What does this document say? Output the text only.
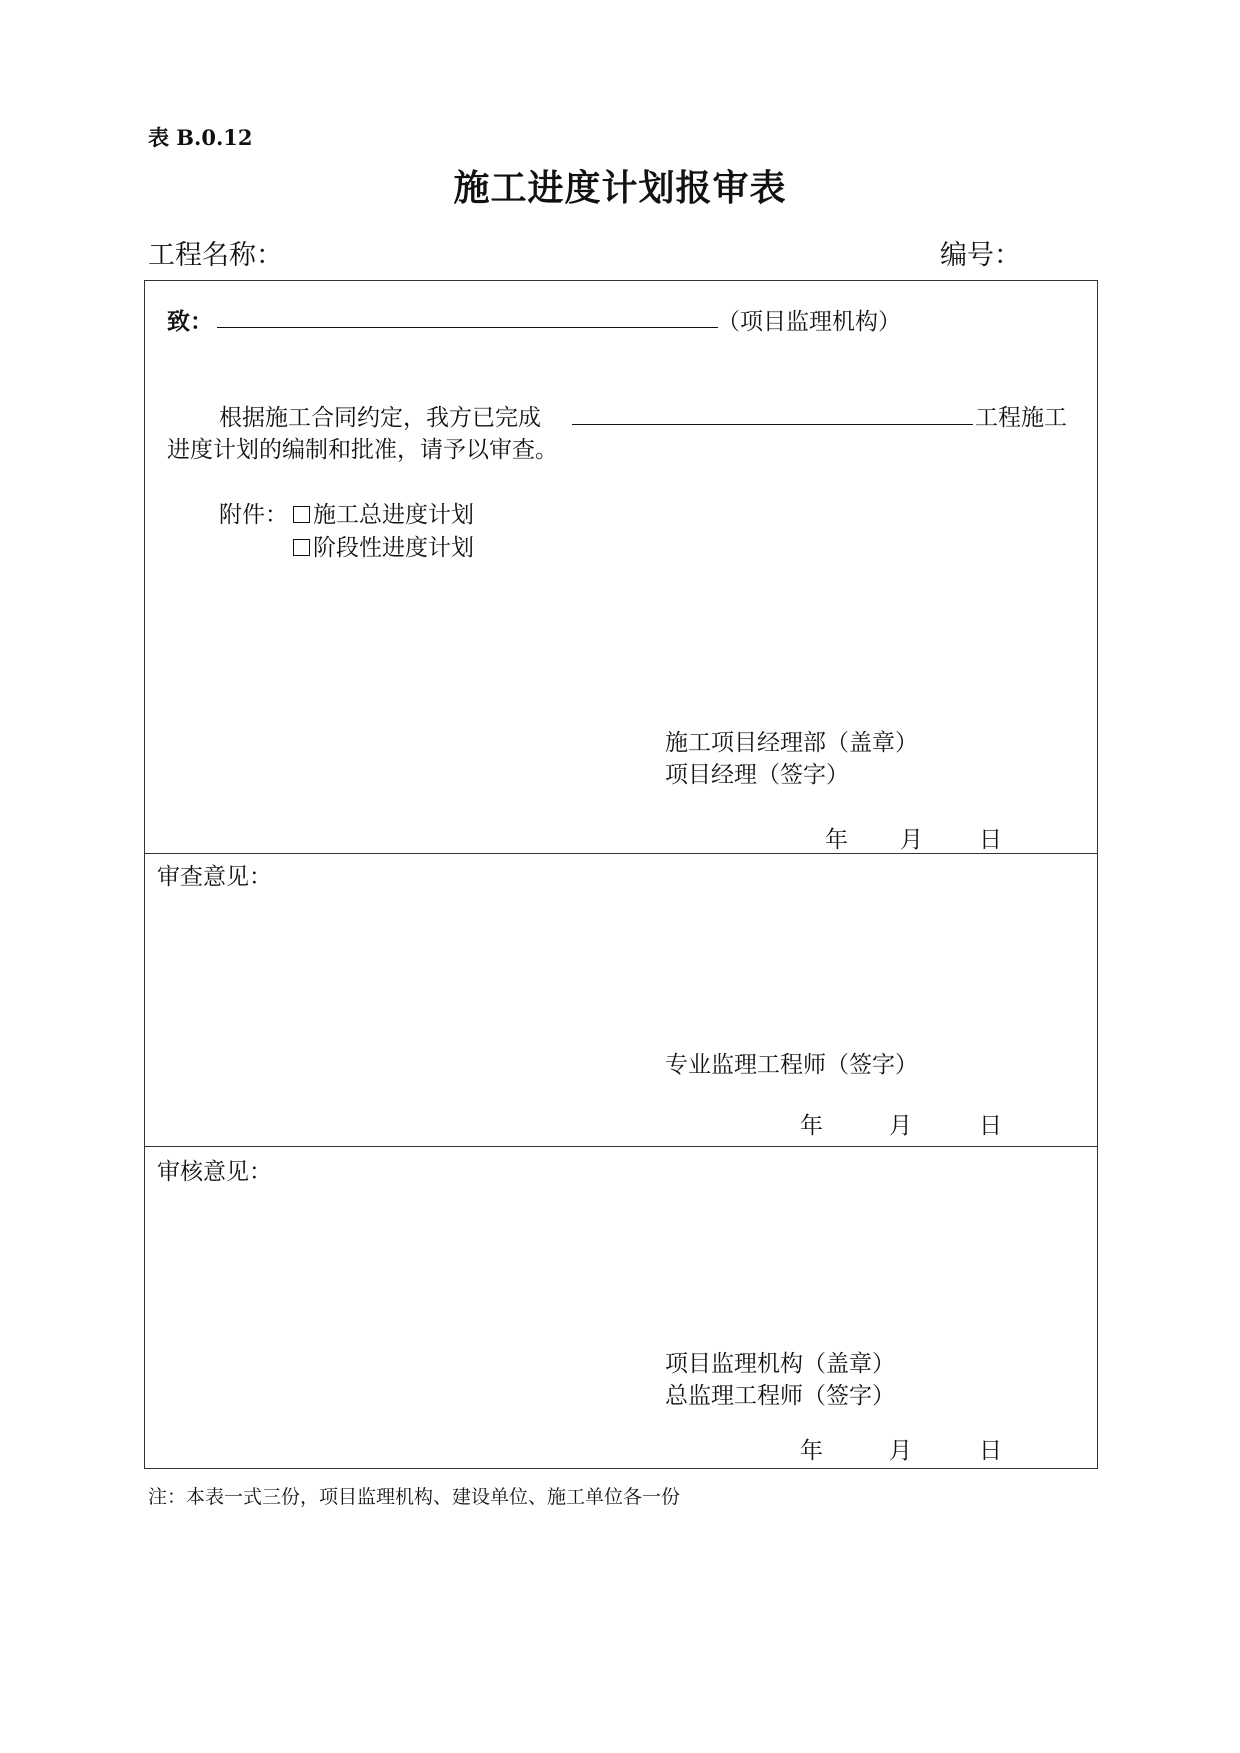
表 B.0.12
施工进度计划报审表
工程名称：	编号：
致：	（项目监理机构）
根据施工合同约定，我方已完成	工程施工
进度计划的编制和批准，请予以审查。
附件：	施工总进度计划
阶段性进度计划
施工项目经理部（盖章）
项目经理（签字）
年 月 日
审查意见：
专业监理工程师（签字）
年	月	日
审核意见：
项目监理机构（盖章）
总监理工程师（签字）
年	月	日
注：本表一式三份，项目监理机构、建设单位、施工单位各一份
